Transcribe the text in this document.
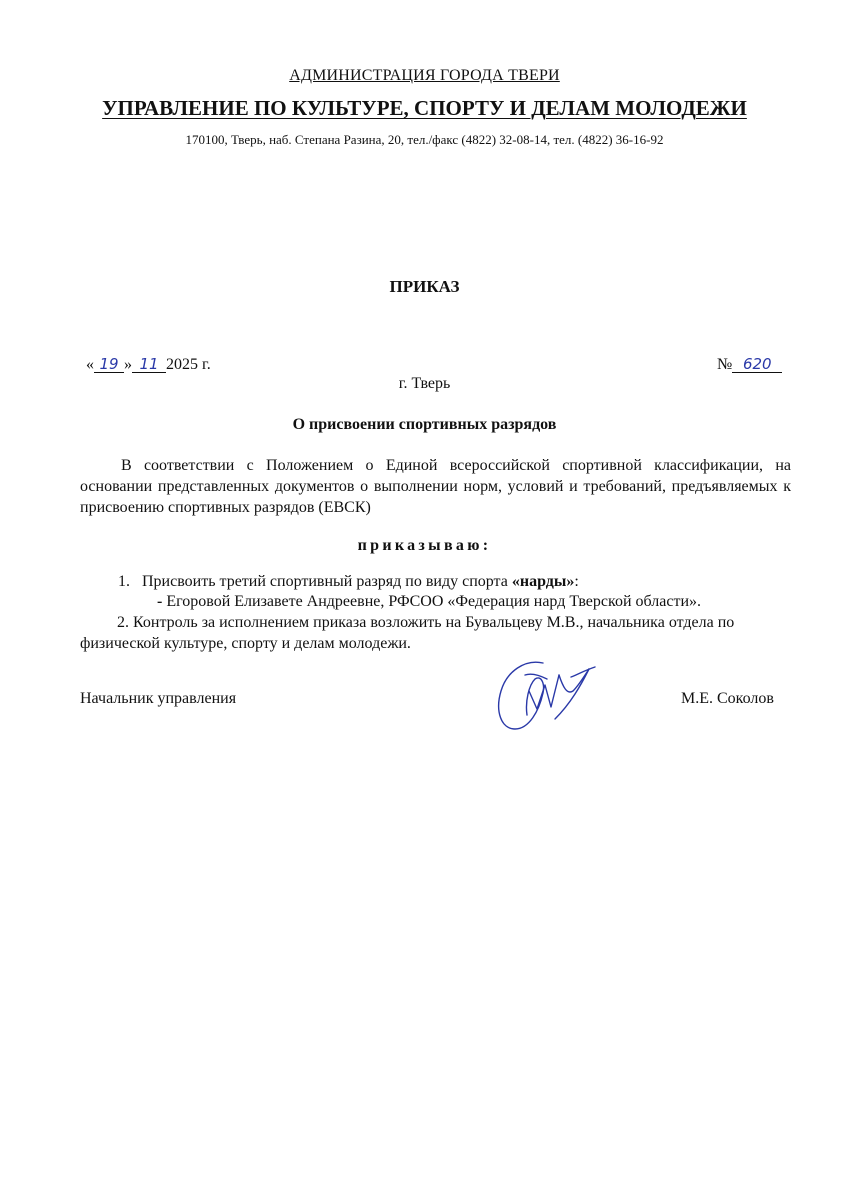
АДМИНИСТРАЦИЯ ГОРОДА ТВЕРИ
УПРАВЛЕНИЕ ПО КУЛЬТУРЕ, СПОРТУ И ДЕЛАМ МОЛОДЕЖИ
170100, Тверь, наб. Степана Разина, 20, тел./факс (4822) 32-08-14, тел. (4822) 36-16-92
ПРИКАЗ
« 19 » 11 2025 г.	№ 620
г. Тверь
О присвоении спортивных разрядов

В соответствии с Положением о Единой всероссийской спортивной классификации, на основании представленных документов о выполнении норм, условий и требований, предъявляемых к присвоению спортивных разрядов (ЕВСК)

приказываю:
1. Присвоить третий спортивный разряд по виду спорта «нарды»:
- Егоровой Елизавете Андреевне, РФСОО «Федерация нард Тверской области».

2. Контроль за исполнением приказа возложить на Бувальцеву М.В., начальника отдела по физической культуре, спорту и делам молодежи.

Начальник управления	М.Е. Соколов
